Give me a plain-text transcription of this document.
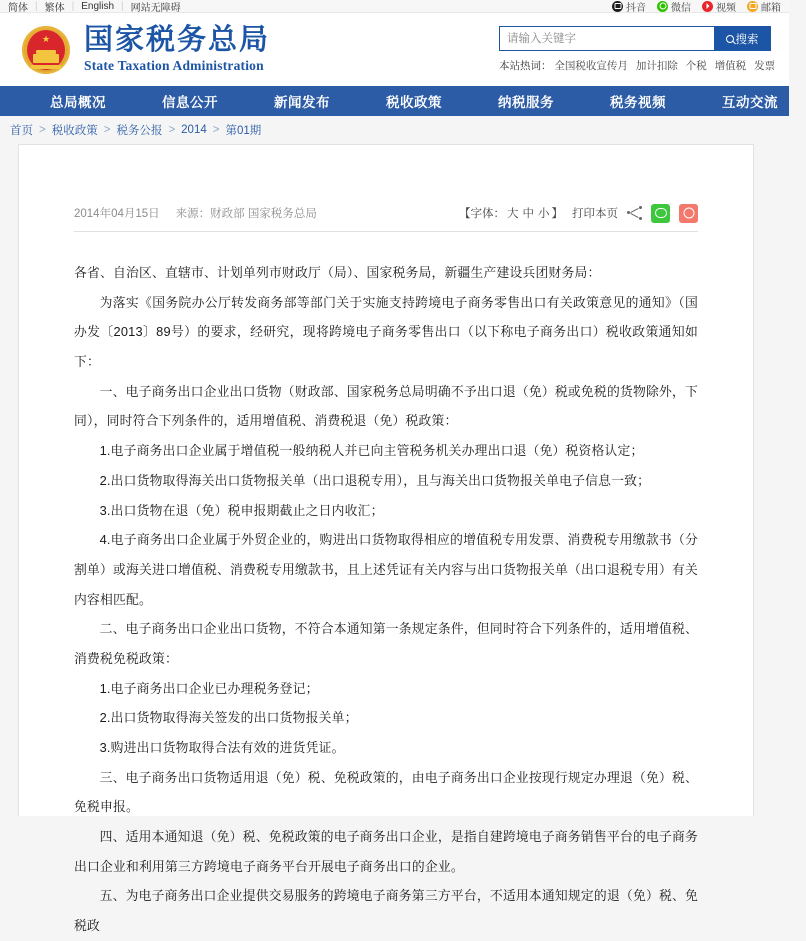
简体 | 繁体 | English | 网站无障碍	抖音	微信	视频	邮箱
★ 国家税务总局
State Taxation Administration
请输入关键字
搜索
本站热词： 全国税收宣传月 加计扣除 个税 增值税 发票
总局概况	信息公开	新闻发布	税收政策	纳税服务	税务视频	互动交流
首页 > 税收政策 > 税务公报 > 2014 > 第01期
2014年04月15日 来源：财政部 国家税务总局	【字体： 大 中 小 】 打印本页

各省、自治区、直辖市、计划单列市财政厅（局）、国家税务局，新疆生产建设兵团财务局：

为落实《国务院办公厅转发商务部等部门关于实施支持跨境电子商务零售出口有关政策意见的通知》（国办发〔2013〕89号）的要求，经研究，现将跨境电子商务零售出口（以下称电子商务出口）税收政策通知如下：

一、电子商务出口企业出口货物（财政部、国家税务总局明确不予出口退（免）税或免税的货物除外，下同），同时符合下列条件的，适用增值税、消费税退（免）税政策：

1.电子商务出口企业属于增值税一般纳税人并已向主管税务机关办理出口退（免）税资格认定；

2.出口货物取得海关出口货物报关单（出口退税专用），且与海关出口货物报关单电子信息一致；

3.出口货物在退（免）税申报期截止之日内收汇；

4.电子商务出口企业属于外贸企业的，购进出口货物取得相应的增值税专用发票、消费税专用缴款书（分割单）或海关进口增值税、消费税专用缴款书，且上述凭证有关内容与出口货物报关单（出口退税专用）有关内容相匹配。

二、电子商务出口企业出口货物，不符合本通知第一条规定条件，但同时符合下列条件的，适用增值税、消费税免税政策：

1.电子商务出口企业已办理税务登记；

2.出口货物取得海关签发的出口货物报关单；

3.购进出口货物取得合法有效的进货凭证。

三、电子商务出口货物适用退（免）税、免税政策的，由电子商务出口企业按现行规定办理退（免）税、免税申报。

四、适用本通知退（免）税、免税政策的电子商务出口企业，是指自建跨境电子商务销售平台的电子商务出口企业和利用第三方跨境电子商务平台开展电子商务出口的企业。

五、为电子商务出口企业提供交易服务的跨境电子商务第三方平台，不适用本通知规定的退（免）税、免税政
